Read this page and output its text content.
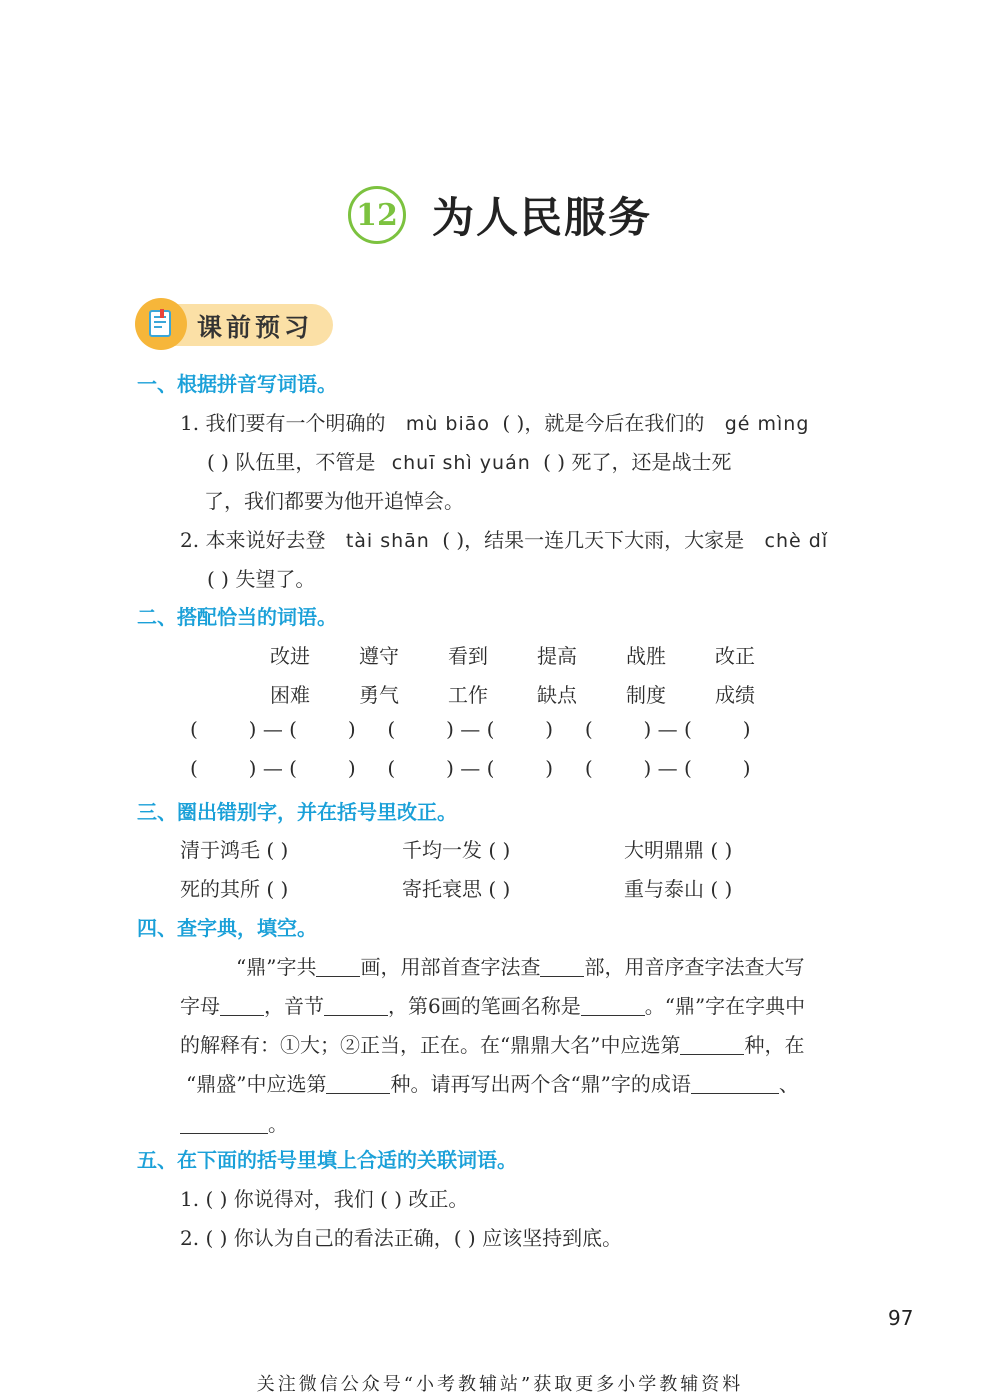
12 为人民服务
课前预习
一、根据拼音写词语。
1. 我们要有一个明确的 mù biāo ( )，就是今后在我们的 gé mìng
( ) 队伍里，不管是 chuī shì yuán ( ) 死了，还是战士死
了，我们都要为他开追悼会。
2. 本来说好去登 tài shān ( )，结果一连几天下大雨，大家是 chè dǐ
( ) 失望了。
二、搭配恰当的词语。
改进	遵守	看到	提高	战胜	改正
困难	勇气	工作	缺点	制度	成绩
(        ) — (        )     (        ) — (        )     (        ) — (        )
(        ) — (        )     (        ) — (        )     (        ) — (        )
三、圈出错别字，并在括号里改正。
清于鸿毛 ( )	千均一发 ( )	大明鼎鼎 ( )
死的其所 ( )	寄托衰思 ( )	重与泰山 ( )
四、查字典，填空。
“鼎”字共 画，用部首查字法查 部，用音序查字法查大写
字母 ，音节	，第6画的笔画名称是	。“鼎”字在字典中
的解释有：①大；②正当，正在。在“鼎鼎大名”中应选第	种，在
“鼎盛”中应选第	种。请再写出两个含“鼎”字的成语	、
。
五、在下面的括号里填上合适的关联词语。
1. ( ) 你说得对，我们 ( ) 改正。
2. ( ) 你认为自己的看法正确，( ) 应该坚持到底。
97
关注微信公众号“小考教辅站”获取更多小学教辅资料
